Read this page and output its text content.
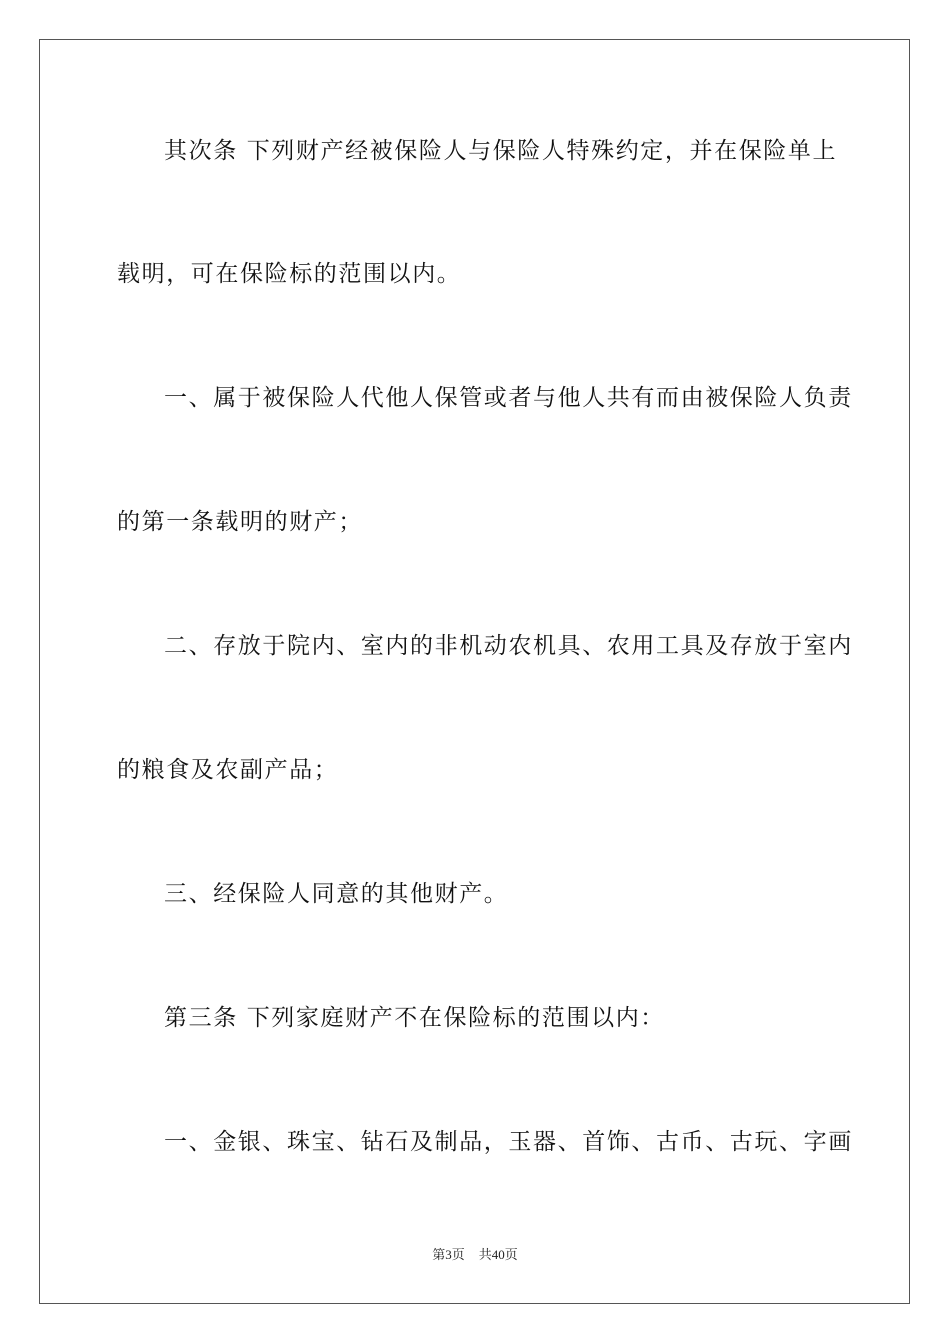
其次条 下列财产经被保险人与保险人特殊约定，并在保险单上
载明，可在保险标的范围以内。
一、属于被保险人代他人保管或者与他人共有而由被保险人负责
的第一条载明的财产；
二、存放于院内、室内的非机动农机具、农用工具及存放于室内
的粮食及农副产品；
三、经保险人同意的其他财产。
第三条 下列家庭财产不在保险标的范围以内：
一、金银、珠宝、钻石及制品，玉器、首饰、古币、古玩、字画
第3页 共40页
